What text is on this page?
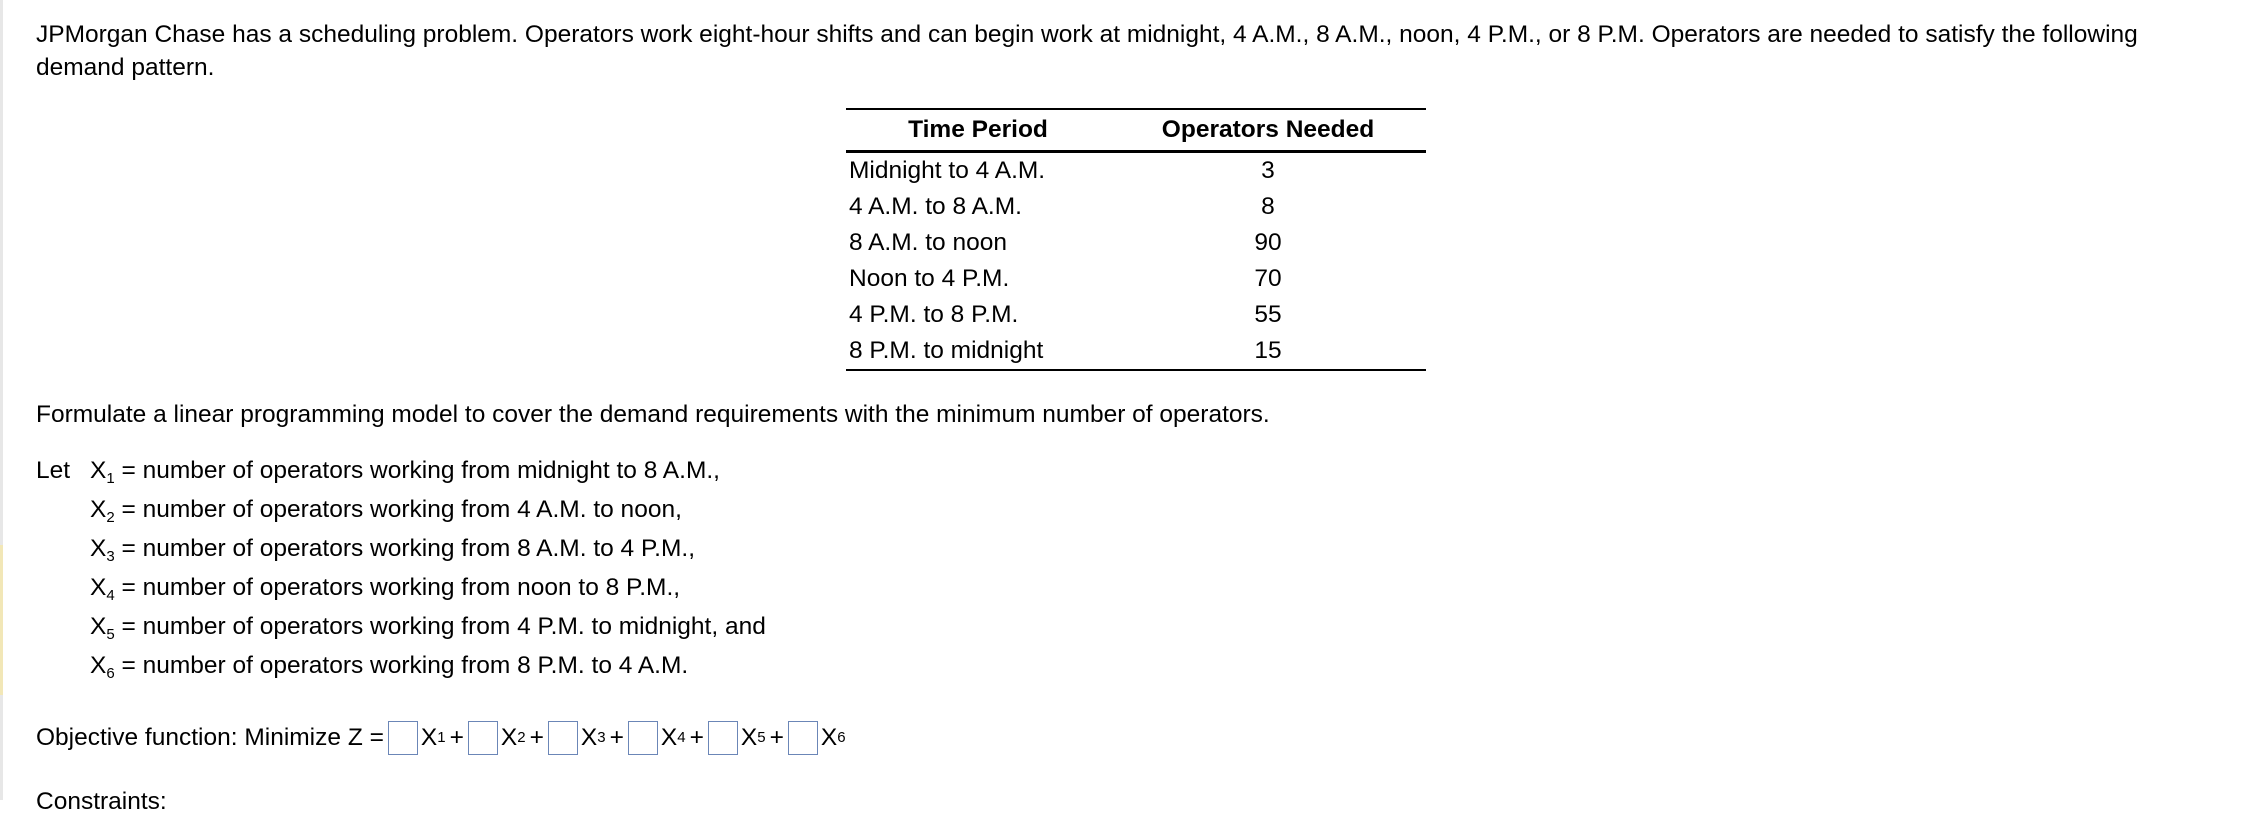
JPMorgan Chase has a scheduling problem. Operators work eight-hour shifts and can begin work at midnight, 4 A.M., 8 A.M., noon, 4 P.M., or 8 P.M. Operators are needed to satisfy the following demand pattern.

Time Period	Operators Needed
Midnight to 4 A.M.	3
4 A.M. to 8 A.M.	8
8 A.M. to noon	90
Noon to 4 P.M.	70
4 P.M. to 8 P.M.	55
8 P.M. to midnight	15

Formulate a linear programming model to cover the demand requirements with the minimum number of operators.

Let $X_1$ = number of operators working from midnight to 8 A.M.,
$X_2$ = number of operators working from 4 A.M. to noon,
$X_3$ = number of operators working from 8 A.M. to 4 P.M.,
$X_4$ = number of operators working from noon to 8 P.M.,
$X_5$ = number of operators working from 4 P.M. to midnight, and
$X_6$ = number of operators working from 8 P.M. to 4 A.M.
Objective function: Minimize Z = X 1 + X 2 + X 3 + X 4 + X 5 + X 6
Constraints:
